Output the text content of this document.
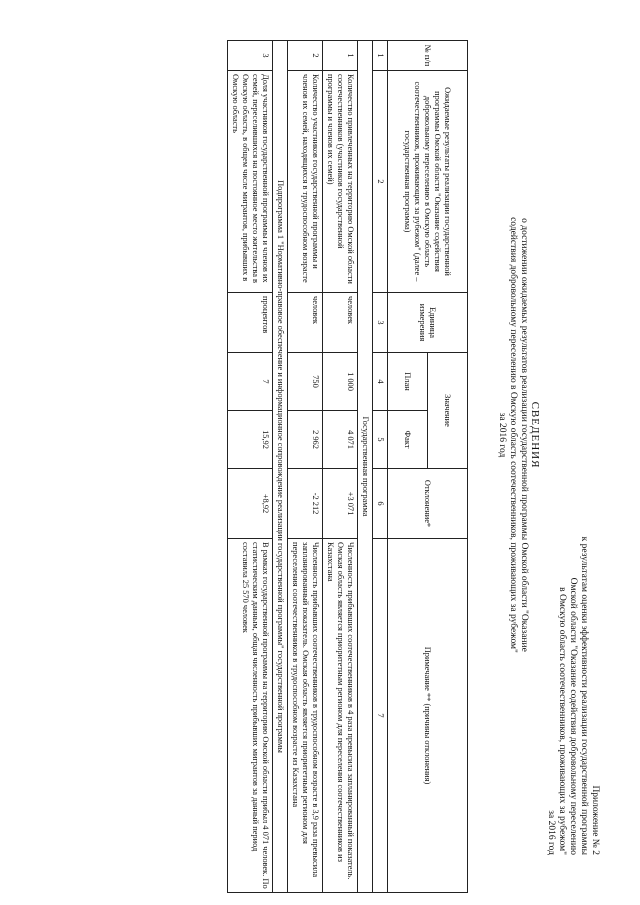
Приложение № 2
к результатам оценки эффективности реализации государственной программы
Омской области "Оказание содействия добровольному переселению
в Омскую область соотечественников, проживающих за рубежом"
за 2016 год
СВЕДЕНИЯ
о достижении ожидаемых результатов реализации государственной программы Омской области "Оказание
содействия добровольному переселению в Омскую область соотечественников, проживающих за рубежом"
за 2016 год
№ п/п	Ожидаемые результаты реализации государственной программы Омской области "Оказание содействия добровольному переселению в Омскую область соотечественников, проживающих за рубежом" (далее – государственная программа)	Единица измерения	Значение		Отклонение*	Примечание ** (причины отклонения)
			План	Факт		
1	2	3	4	5	6	7
Государственная программа						
1	Количество привлеченных на территорию Омской области соотечественников (участников государственной программы и членов их семей)	человек	1 000	4 071	+3 071	Численность прибывших соотечественников в 4 раза превысила запланированный показатель. Омская область является приоритетным регионом для переселения соотечественников из Казахстана
2	Количество участников государственной программы и членов их семей, находящихся в трудоспособном возрасте	человек	750	2 962	-2 212	Численность прибывших соотечественников в трудоспособном возрасте в 3,9 раза превысила запланированный показатель. Омская область является приоритетным регионом для переселения соотечественников в трудоспособном возрасте из Казахстана
Подпрограмма 1 "Нормативно-правовое обеспечение и информационное сопровождение реализации государственной программы" государственной программы						
3	Доля участников государственной программы и членов их семей, переселившихся на постоянное место жительства в Омскую область, в общем числе мигрантов, прибывших в Омскую область	процентов	7	15,92	+8,92	В рамках государственной программы на территорию Омской области прибыл 4 071 человек. По статистическим данным, общая численность прибывших мигрантов за данный период составила 25 570 человек
